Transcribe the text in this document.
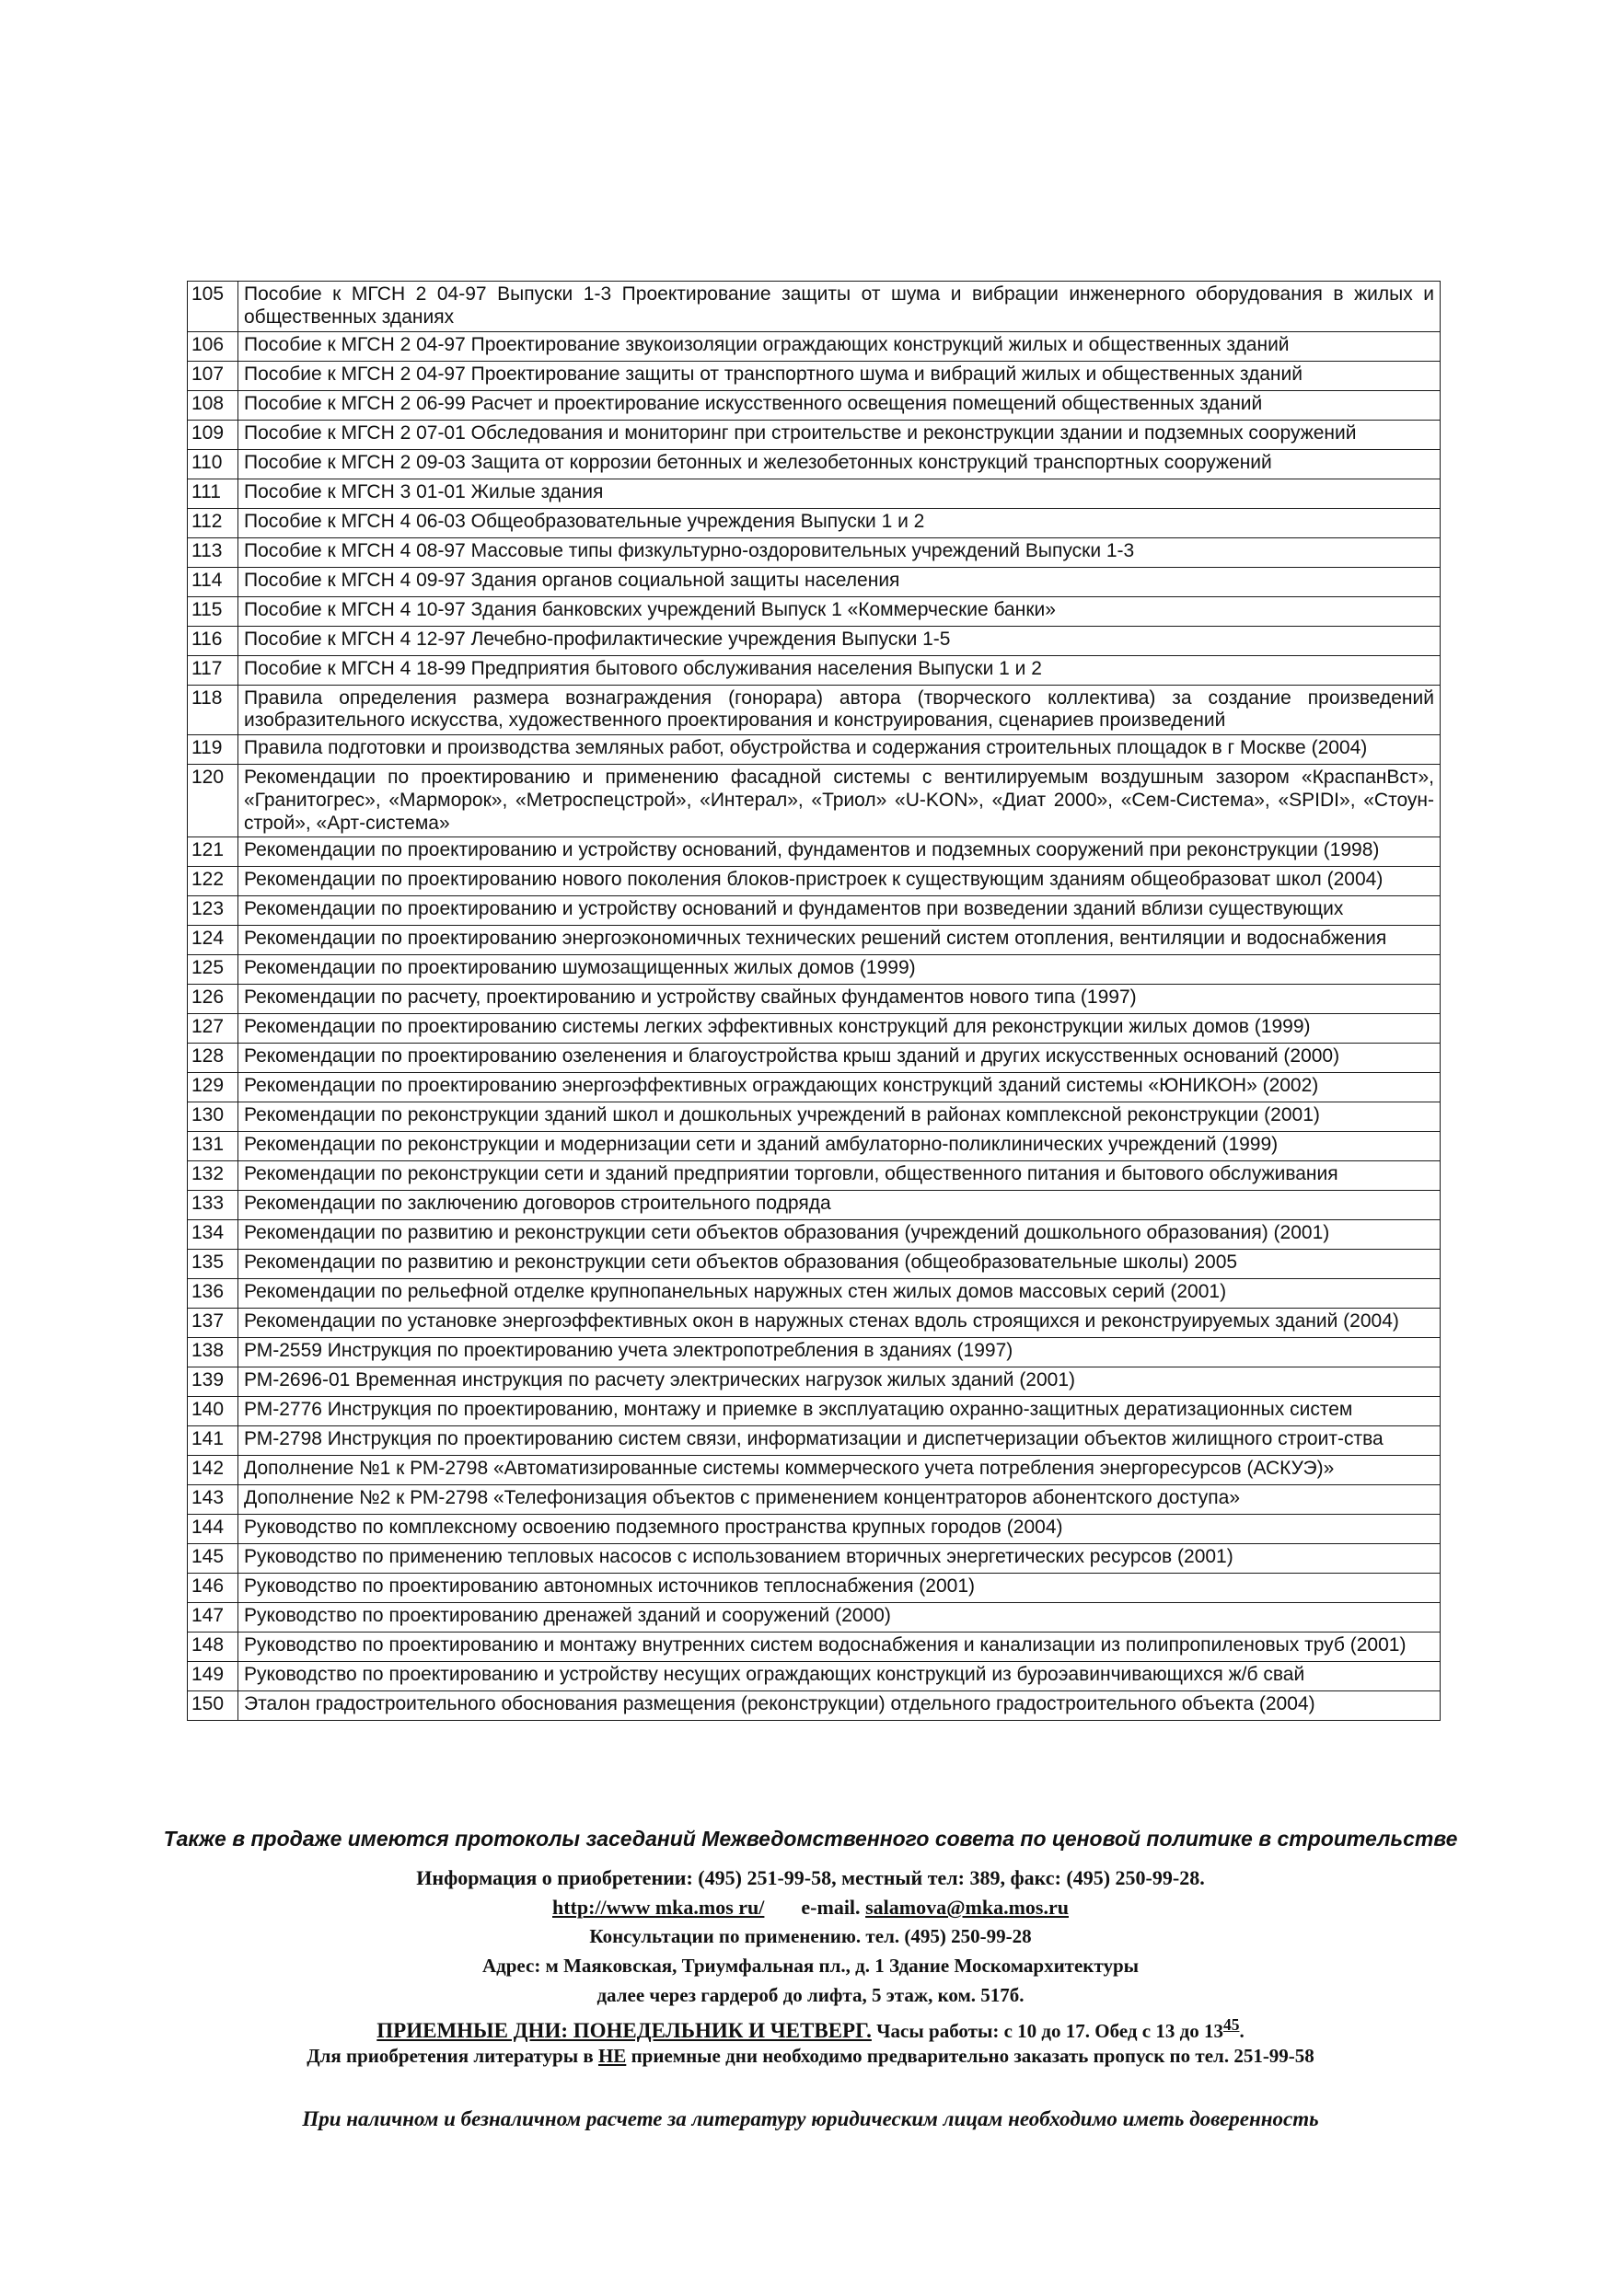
105	Пособие к МГСН 2 04-97 Выпуски 1-3 Проектирование защиты от шума и вибрации инженерного оборудования в жилых и общественных зданиях
106	Пособие к МГСН 2 04-97 Проектирование звукоизоляции ограждающих конструкций жилых и общественных зданий
107	Пособие к МГСН 2 04-97 Проектирование защиты от транспортного шума и вибраций жилых и общественных зданий
108	Пособие к МГСН 2 06-99 Расчет и проектирование искусственного освещения помещений общественных зданий
109	Пособие к МГСН 2 07-01 Обследования и мониторинг при строительстве и реконструкции здании и подземных сооружений
110	Пособие к МГСН 2 09-03 Защита от коррозии бетонных и железобетонных конструкций транспортных сооружений
111	Пособие к МГСН 3 01-01 Жилые здания
112	Пособие к МГСН 4 06-03 Общеобразовательные учреждения Выпуски 1 и 2
113	Пособие к МГСН 4 08-97 Массовые типы физкультурно-оздоровительных учреждений Выпуски 1-3
114	Пособие к МГСН 4 09-97 Здания органов социальной защиты населения
115	Пособие к МГСН 4 10-97 Здания банковских учреждений Выпуск 1 «Коммерческие банки»
116	Пособие к МГСН 4 12-97 Лечебно-профилактические учреждения Выпуски 1-5
117	Пособие к МГСН 4 18-99 Предприятия бытового обслуживания населения Выпуски 1 и 2
118	Правила определения размера вознаграждения (гонорара) автора (творческого коллектива) за создание произведений изобразительного искусства, художественного проектирования и конструирования, сценариев произведений
119	Правила подготовки и производства земляных работ, обустройства и содержания строительных площадок в г Москве (2004)
120	Рекомендации по проектированию и применению фасадной системы с вентилируемым воздушным зазором «КраспанВст», «Гранитогрес», «Марморок», «Метроспецстрой», «Интерал», «Триол» «U-KON», «Диат 2000», «Сем-Система», «SPIDI», «Стоун-строй», «Арт-система»
121	Рекомендации по проектированию и устройству оснований, фундаментов и подземных сооружений при реконструкции (1998)
122	Рекомендации по проектированию нового поколения блоков-пристроек к существующим зданиям общеобразоват школ (2004)
123	Рекомендации по проектированию и устройству оснований и фундаментов при возведении зданий вблизи существующих
124	Рекомендации по проектированию энергоэкономичных технических решений систем отопления, вентиляции и водоснабжения
125	Рекомендации по проектированию шумозащищенных жилых домов (1999)
126	Рекомендации по расчету, проектированию и устройству свайных фундаментов нового типа (1997)
127	Рекомендации по проектированию системы легких эффективных конструкций для реконструкции жилых домов (1999)
128	Рекомендации по проектированию озеленения и благоустройства крыш зданий и других искусственных оснований (2000)
129	Рекомендации по проектированию энергоэффективных ограждающих конструкций зданий системы «ЮНИКОН» (2002)
130	Рекомендации по реконструкции зданий школ и дошкольных учреждений в районах комплексной реконструкции (2001)
131	Рекомендации по реконструкции и модернизации сети и зданий амбулаторно-поликлинических учреждений (1999)
132	Рекомендации по реконструкции сети и зданий предприятии торговли, общественного питания и бытового обслуживания
133	Рекомендации по заключению договоров строительного подряда
134	Рекомендации по развитию и реконструкции сети объектов образования (учреждений дошкольного образования) (2001)
135	Рекомендации по развитию и реконструкции сети объектов образования (общеобразовательные школы) 2005
136	Рекомендации по рельефной отделке крупнопанельных наружных стен жилых домов массовых серий (2001)
137	Рекомендации по установке энергоэффективных окон в наружных стенах вдоль строящихся и реконструируемых зданий (2004)
138	РМ-2559 Инструкция по проектированию учета электропотребления в зданиях (1997)
139	РМ-2696-01 Временная инструкция по расчету электрических нагрузок жилых зданий (2001)
140	РМ-2776 Инструкция по проектированию, монтажу и приемке в эксплуатацию охранно-защитных дератизационных систем
141	РМ-2798 Инструкция по проектированию систем связи, информатизации и диспетчеризации объектов жилищного строит-ства
142	Дополнение №1 к РМ-2798 «Автоматизированные системы коммерческого учета потребления энергоресурсов (АСКУЭ)»
143	Дополнение №2 к РМ-2798 «Телефонизация объектов с применением концентраторов абонентского доступа»
144	Руководство по комплексному освоению подземного пространства крупных городов (2004)
145	Руководство по применению тепловых насосов с использованием вторичных энергетических ресурсов (2001)
146	Руководство по проектированию автономных источников теплоснабжения (2001)
147	Руководство по проектированию дренажей зданий и сооружений (2000)
148	Руководство по проектированию и монтажу внутренних систем водоснабжения и канализации из полипропиленовых труб (2001)
149	Руководство по проектированию и устройству несущих ограждающих конструкций из буроэавинчивающихся ж/б свай
150	Эталон градостроительного обоснования размещения (реконструкции) отдельного градостроительного объекта (2004)
Также в продаже имеются протоколы заседаний Межведомственного совета по ценовой политике в строительстве
Информация о приобретении: (495) 251-99-58, местный тел: 389, факс: (495) 250-99-28.
http://www mka.mos ru/ e-mail. salamova@mka.mos.ru
Консультации по применению. тел. (495) 250-99-28
Адрес: м Маяковская, Триумфальная пл., д. 1 Здание Москомархитектуры
далее через гардероб до лифта, 5 этаж, ком. 517б.
ПРИЕМНЫЕ ДНИ: ПОНЕДЕЛЬНИК И ЧЕТВЕРГ. Часы работы: с 10 до 17. Обед с 13 до $13^{45}$.
Для приобретения литературы в НЕ приемные дни необходимо предварительно заказать пропуск по тел. 251-99-58
При наличном и безналичном расчете за литературу юридическим лицам необходимо иметь доверенность
